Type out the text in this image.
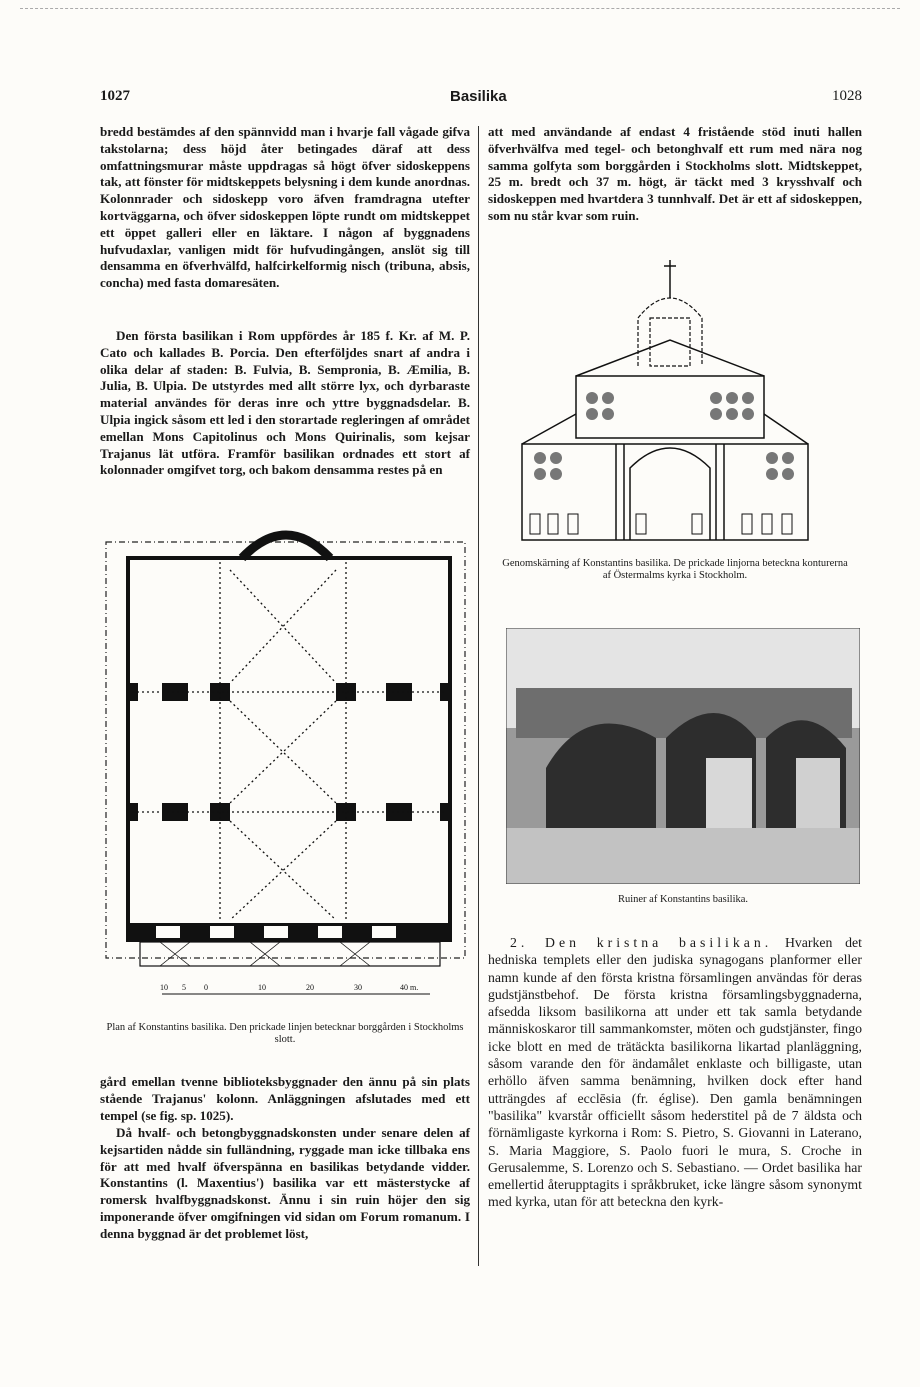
1027	Basilika	1028

bredd bestämdes af den spännvidd man i hvarje fall vågade gifva takstolarna; dess höjd åter betingades däraf att dess omfattningsmurar måste uppdragas så högt öfver sidoskeppens tak, att fönster för midtskeppets belysning i dem kunde anordnas. Kolonnrader och sidoskepp voro äfven framdragna utefter kortväggarna, och öfver sidoskeppen löpte rundt om midtskeppet ett öppet galleri eller en läktare. I någon af byggnadens hufvudaxlar, vanligen midt för hufvudingången, anslöt sig till densamma en öfverhvälfd, halfcirkelformig nisch (tribuna, absis, concha) med fasta domaresäten.

Den första basilikan i Rom uppfördes år 185 f. Kr. af M. P. Cato och kallades B. Porcia. Den efterföljdes snart af andra i olika delar af staden: B. Fulvia, B. Sempronia, B. Æmilia, B. Julia, B. Ulpia. De utstyrdes med allt större lyx, och dyrbaraste material användes för deras inre och yttre byggnadsdelar. B. Ulpia ingick såsom ett led i den storartade regleringen af området emellan Mons Capitolinus och Mons Quirinalis, som kejsar Trajanus lät utföra. Framför basilikan ordnades ett stort af kolonnader omgifvet torg, och bakom densamma restes på en

10 5 0	10	20	30	40 m.
Plan af Konstantins basilika. Den prickade linjen betecknar borggården i Stockholms slott.

gård emellan tvenne biblioteksbyggnader den ännu på sin plats stående Trajanus' kolonn. Anläggningen afslutades med ett tempel (se fig. sp. 1025).

Då hvalf- och betongbyggnadskonsten under senare delen af kejsartiden nådde sin fulländning, ryggade man icke tillbaka ens för att med hvalf öfverspänna en basilikas betydande vidder. Konstantins (l. Maxentius') basilika var ett mästerstycke af romersk hvalfbyggnadskonst. Ännu i sin ruin höjer den sig imponerande öfver omgifningen vid sidan om Forum romanum. I denna byggnad är det problemet löst,

att med användande af endast 4 fristående stöd inuti hallen öfverhvälfva med tegel- och betonghvalf ett rum med nära nog samma golfyta som borggården i Stockholms slott. Midtskeppet, 25 m. bredt och 37 m. högt, är täckt med 3 krysshvalf och sidoskeppen med hvartdera 3 tunnhvalf. Det är ett af sidoskeppen, som nu står kvar som ruin.

Genomskärning af Konstantins basilika. De prickade linjorna beteckna konturerna af Östermalms kyrka i Stockholm.
Ruiner af Konstantins basilika.

2. Den kristna basilikan. Hvarken det hedniska templets eller den judiska synagogans planformer eller namn kunde af den första kristna församlingen användas för deras gudstjänstbehof. De första kristna församlingsbyggnaderna, afsedda liksom basilikorna att under ett tak samla betydande människoskaror till sammankomster, möten och gudstjänster, fingo icke blott en med de trätäckta basilikorna likartad planläggning, såsom varande den för ändamålet enklaste och billigaste, utan erhöllo äfven samma benämning, hvilken dock efter hand utträngdes af ecclēsia (fr. église). Den gamla benämningen "basilika" kvarstår officiellt såsom hederstitel på de 7 äldsta och förnämligaste kyrkorna i Rom: S. Pietro, S. Giovanni in Laterano, S. Maria Maggiore, S. Paolo fuori le mura, S. Croche in Gerusalemme, S. Lorenzo och S. Sebastiano. — Ordet basilika har emellertid återupptagits i språkbruket, icke längre såsom synonymt med kyrka, utan för att beteckna den kyrk-
